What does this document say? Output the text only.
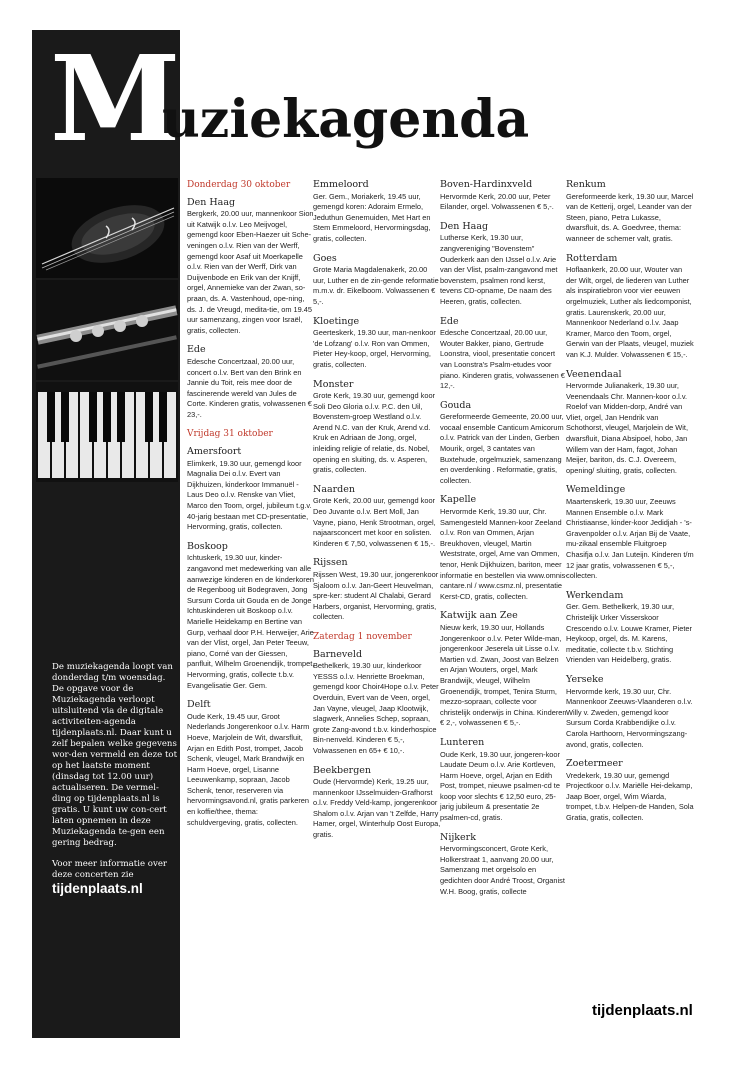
M
uziekagenda

De muziekagenda loopt van donderdag t/m woensdag. De opgave voor de Muziekagenda verloopt uitsluitend via de digitale activiteiten-agenda tijdenplaats.nl. Daar kunt u zelf bepalen welke gegevens wor-den vermeld en deze tot op het laatste moment (dinsdag tot 12.00 uur) actualiseren. De vermel-ding op tijdenplaats.nl is gratis. U kunt uw con-cert laten opnemen in deze Muziekagenda te-gen een gering bedrag.

Voor meer informatie over deze concerten zie

tijdenplaats.nl
Donderdag 30 oktober
Den Haag

Bergkerk, 20.00 uur, mannenkoor Sion uit Katwijk o.l.v. Leo Meijvogel, gemengd koor Eben-Haezer uit Sche-veningen o.l.v. Rien van der Werff, gemengd koor Asaf uit Moerkapelle o.l.v. Rien van der Werff, Dirk van Duijvenbode en Erik van der Knijff, orgel, Annemieke van der Zwan, so-praan, ds. A. Vastenhoud, ope-ning, ds. J. de Vreugd, medita-tie, om 19.45 uur samenzang, zingen voor Israël, gratis, collecten.

Ede

Edesche Concertzaal, 20.00 uur, concert o.l.v. Bert van den Brink en Jannie du Toit, reis mee door de fascinerende wereld van Jules de Corte. Kinderen gratis, volwassenen € 23,-.

Vrijdag 31 oktober
Amersfoort

Elimkerk, 19.30 uur, gemengd koor Magnalia Dei o.l.v. Evert van Dijkhuizen, kinderkoor Immanuël - Laus Deo o.l.v. Renske van Vliet, Marco den Toom, orgel, jubileum t.g.v. 40-jarig bestaan met CD-presentatie, Hervorming, gratis, collecten.

Boskoop

Ichtuskerk, 19.30 uur, kinder-zangavond met medewerking van alle aanwezige kinderen en de kinderkoren de Regenboog uit Bodegraven, Jong Sursum Corda uit Gouda en de Jonge Ichtuskinderen uit Boskoop o.l.v. Marielle Heidekamp en Bertine van Gurp, verhaal door P.H. Herweijer, Arie van der Vlist, orgel, Jan Peter Teeuw, piano, Corné van der Giessen, panfluit, Wilhelm Groenendijk, trompet, Hervorming, gratis, collecte t.b.v. Evangelisatie Ger. Gem.

Delft

Oude Kerk, 19.45 uur, Groot Nederlands Jongerenkoor o.l.v. Harm Hoeve, Marjolein de Wit, dwarsfluit, Arjan en Edith Post, trompet, Jacob Schenk, vleugel, Mark Brandwijk en Harm Hoeve, orgel, Lisanne Leeuwenkamp, sopraan, Jacob Schenk, tenor, reserveren via hervormingsavond.nl, gratis parkeren en koffie/thee, thema: schuldvergeving, gratis, collecten.

Emmeloord

Ger. Gem., Moriakerk, 19.45 uur, gemengd koren: Adoraim Ermelo, Jeduthun Genemuiden, Met Hart en Stem Emmeloord, Hervormingsdag, gratis, collecten.

Goes

Grote Maria Magdalenakerk, 20.00 uur, Luther en de zin-gende reformatie m.m.v. dr. Eikelboom. Volwassenen € 5,-.

Kloetinge

Geerteskerk, 19.30 uur, man-nenkoor 'de Lofzang' o.l.v. Ron van Ommen, Pieter Hey-koop, orgel, Hervorming, gratis, collecten.

Monster

Grote Kerk, 19.30 uur, gemengd koor Soli Deo Gloria o.l.v. P.C. den Uil, Bovenstem-groep Westland o.l.v. Arend N.C. van der Kruk, Arend v.d. Kruk en Adriaan de Jong, orgel, inleiding religie of relatie, ds. Nobel, opening en sluiting, ds. v. Asperen, gratis, collecten.

Naarden

Grote Kerk, 20.00 uur, gemengd koor Deo Juvante o.l.v. Bert Moll, Jan Vayne, piano, Henk Strootman, orgel, najaarsconcert met koor en solisten. Kinderen € 7,50, volwassenen € 15,-.

Rijssen

Rijssen West, 19.30 uur, jongerenkoor Sjaloom o.l.v. Jan-Geert Heuvelman, spre-ker: student Al Chalabi, Gerard Harbers, organist, Hervorming, gratis, collecten.

Zaterdag 1 november
Barneveld

Bethelkerk, 19.30 uur, kinderkoor YESSS o.l.v. Henriette Broekman, gemengd koor Choir4Hope o.l.v. Peter Overduin, Evert van de Veen, orgel, Jan Vayne, vleugel, Jaap Klootwijk, slagwerk, Annelies Schep, sopraan, grote Zang-avond t.b.v. kinderhospice Bin-nenveld. Kinderen € 5,-, Volwassenen en 65+ € 10,-.

Beekbergen

Oude (Hervormde) Kerk, 19.25 uur, mannenkoor IJsselmuiden-Grafhorst o.l.v. Freddy Veld-kamp, jongerenkoor Shalom o.l.v. Arjan van 't Zelfde, Harry Hamer, orgel, Winterhulp Oost Europa, gratis.

Boven-Hardinxveld

Hervormde Kerk, 20.00 uur, Peter Eilander, orgel. Volwassenen € 5,-.

Den Haag

Lutherse Kerk, 19.30 uur, zangvereniging "Bovenstem" Ouderkerk aan den IJssel o.l.v. Arie van der Vlist, psalm-zangavond met bovenstem, psalmen rond kerst, tevens CD-opname, De naam des Heeren, gratis, collecten.

Ede

Edesche Concertzaal, 20.00 uur, Wouter Bakker, piano, Gertrude Loonstra, viool, presentatie concert van Loonstra's Psalm-etudes voor piano. Kinderen gratis, volwassenen € 12,-.

Gouda

Gereformeerde Gemeente, 20.00 uur, vocaal ensemble Canticum Amicorum o.l.v. Patrick van der Linden, Gerben Mourik, orgel, 3 cantates van Buxtehude, orgelmuziek, samenzang en overdenking . Reformatie, gratis, collecten.

Kapelle

Hervormde Kerk, 19.30 uur, Chr. Samengesteld Mannen-koor Zeeland o.l.v. Ron van Ommen, Arjan Breukhoven, vleugel, Martin Weststrate, orgel, Arne van Ommen, tenor, Henk Dijkhuizen, bariton, meer informatie en bestellen via www.omnis-cantare.nl / www.csmz.nl, presentatie Kerst-CD, gratis, collecten.

Katwijk aan Zee

Nieuw kerk, 19.30 uur, Hollands Jongerenkoor o.l.v. Peter Wilde-man, jongerenkoor Jeserela uit Lisse o.l.v. Martien v.d. Zwan, Joost van Belzen en Arjan Wouters, orgel, Mark Brandwijk, vleugel, Wilhelm Groenendijk, trompet, Tenira Sturm, mezzo-sopraan, collecte voor christelijk onderwijs in China. Kinderen € 2,-, volwassenen € 5,-.

Lunteren

Oude Kerk, 19.30 uur, jongeren-koor Laudate Deum o.l.v. Arie Kortleven, Harm Hoeve, orgel, Arjan en Edith Post, trompet, nieuwe psalmen-cd te koop voor slechts € 12,50 euro, 25-jarig jubileum & presentatie 2e psalmen-cd, gratis.

Nijkerk

Hervormingsconcert, Grote Kerk, Holkerstraat 1, aanvang 20.00 uur, Samenzang met orgelsolo en gedichten door André Troost, Organist W.H. Boog, gratis, collecte

Renkum

Gereformeerde kerk, 19.30 uur, Marcel van de Ketterij, orgel, Leander van der Steen, piano, Petra Lukasse, dwarsfluit, ds. A. Goedvree, thema: wanneer de schemer valt, gratis.

Rotterdam

Hoflaankerk, 20.00 uur, Wouter van der Wilt, orgel, de liederen van Luther als inspiratiebron voor vier eeuwen orgelmuziek, Luther als liedcomponist, gratis. Laurenskerk, 20.00 uur, Mannenkoor Nederland o.l.v. Jaap Kramer, Marco den Toom, orgel, Gerwin van der Plaats, vleugel, muziek van K.J. Mulder. Volwassenen € 15,-.

Veenendaal

Hervormde Julianakerk, 19.30 uur, Veenendaals Chr. Mannen-koor o.l.v. Roelof van Midden-dorp, André van Vliet, orgel, Jan Hendrik van Schothorst, vleugel, Marjolein de Wit, dwarsfluit, Diana Absipoel, hobo, Jan Willem van der Ham, fagot, Johan Meijer, bariton, ds. C.J. Overeem, opening/ sluiting, gratis, collecten.

Wemeldinge

Maartenskerk, 19.30 uur, Zeeuws Mannen Ensemble o.l.v. Mark Christiaanse, kinder-koor Jedidjah - 's-Gravenpolder o.l.v. Arjan Bij de Vaate, mu-zikaal ensemble Fluitgroep Chasifja o.l.v. Jan Luteijn. Kinderen t/m 12 jaar gratis, volwassenen € 5,-, collecten.

Werkendam

Ger. Gem. Bethelkerk, 19.30 uur, Christelijk Urker Visserskoor Crescendo o.l.v. Louwe Kramer, Pieter Heykoop, orgel, ds. M. Karens, meditatie, collecte t.b.v. Stichting Vrienden van Heidelberg, gratis.

Yerseke

Hervormde kerk, 19.30 uur, Chr. Mannenkoor Zeeuws-Vlaanderen o.l.v. Willy v. Zweden, gemengd koor Sursum Corda Krabbendijke o.l.v. Carola Harthoorn, Hervormingszang-avond, gratis, collecten.

Zoetermeer

Vredekerk, 19.30 uur, gemengd Projectkoor o.l.v. Mariëlle Hei-dekamp, Jaap Boer, orgel, Wim Wiarda, trompet, t.b.v. Helpen-de Handen, Sola Gratia, gratis, collecten.

tijdenplaats.nl
